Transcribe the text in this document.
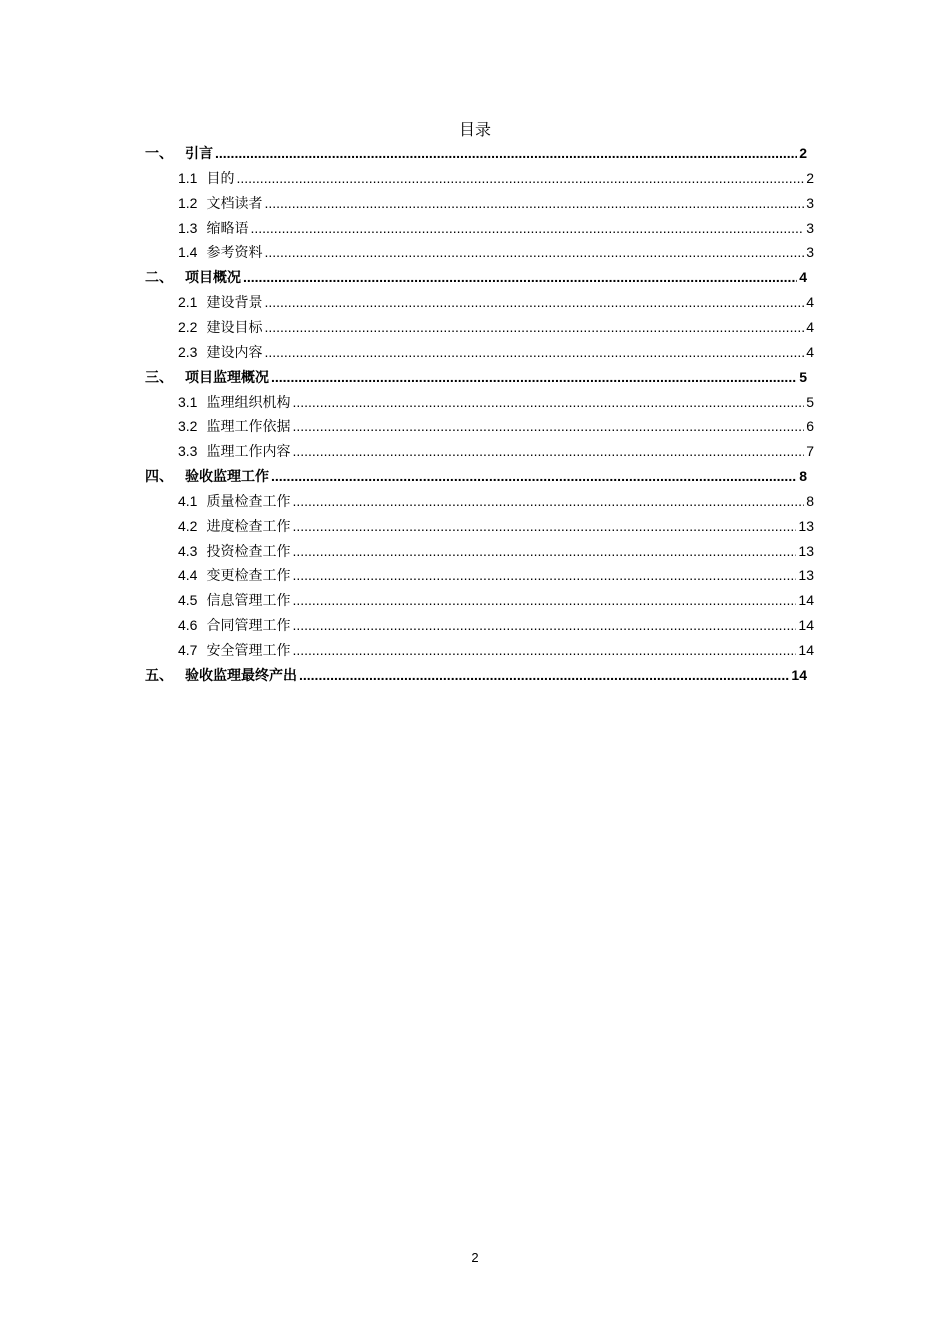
目录
一、 引言 .....	2
1.1 目的 .....	2
1.2 文档读者 .....	3
1.3 缩略语 .....	3
1.4 参考资料 .....	3
二、 项目概况 .....	4
2.1 建设背景 .....	4
2.2 建设目标 .....	4
2.3 建设内容 .....	4
三、 项目监理概况 .....	5
3.1 监理组织机构 .....	5
3.2 监理工作依据 .....	6
3.3 监理工作内容 .....	7
四、 验收监理工作 .....	8
4.1 质量检查工作 .....	8
4.2 进度检查工作 .....	13
4.3 投资检查工作 .....	13
4.4 变更检查工作 .....	13
4.5 信息管理工作 .....	14
4.6 合同管理工作 .....	14
4.7 安全管理工作 .....	14
五、 验收监理最终产出 .....	14
2
